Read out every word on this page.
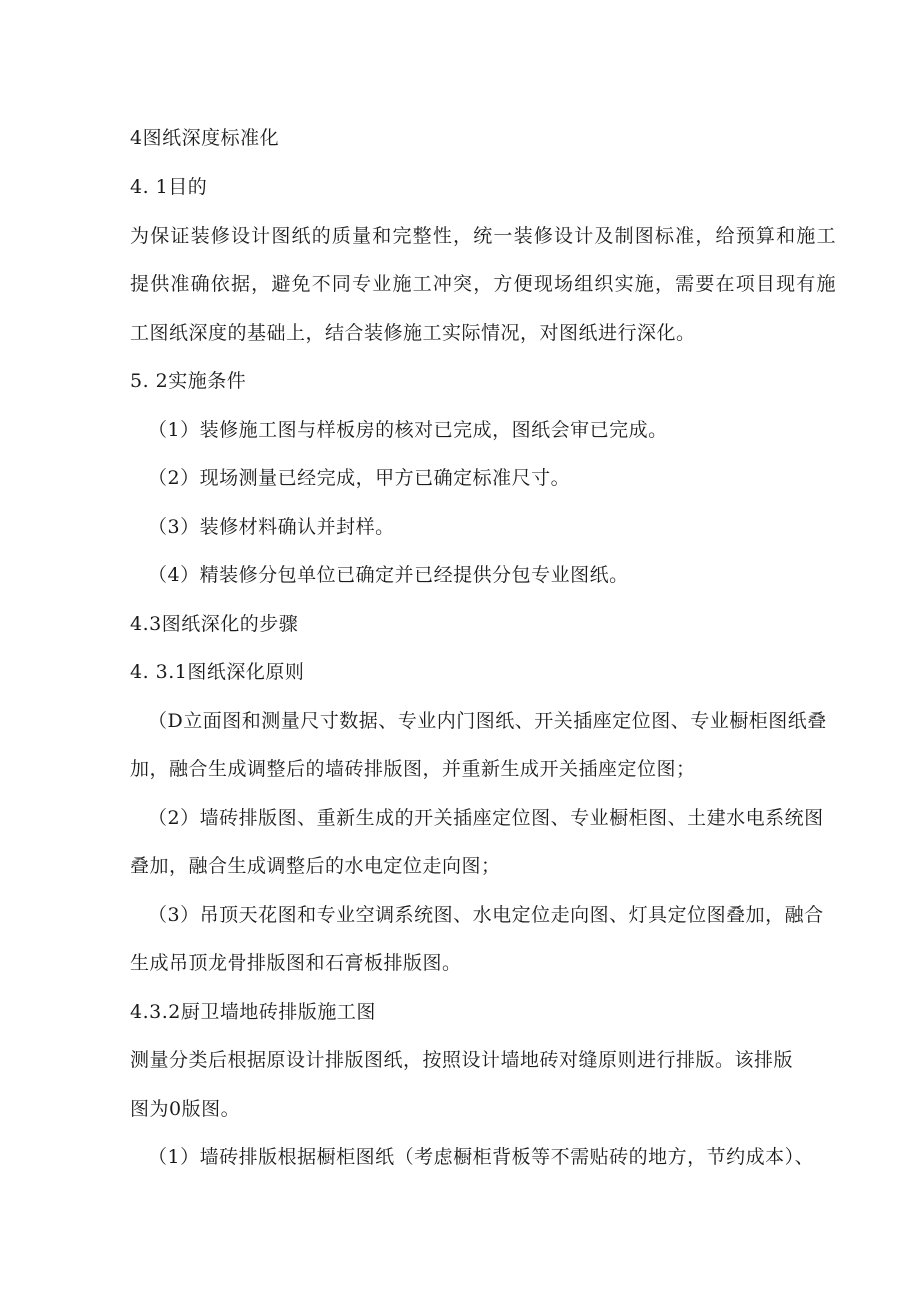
4图纸深度标准化
4. 1目的
为保证装修设计图纸的质量和完整性，统一装修设计及制图标准，给预算和施工
提供准确依据，避免不同专业施工冲突，方便现场组织实施，需要在项目现有施
工图纸深度的基础上，结合装修施工实际情况，对图纸进行深化。
5. 2实施条件
（1）装修施工图与样板房的核对已完成，图纸会审已完成。
（2）现场测量已经完成，甲方已确定标准尺寸。
（3）装修材料确认并封样。
（4）精装修分包单位已确定并已经提供分包专业图纸。
4.3图纸深化的步骤
4. 3.1图纸深化原则
（D立面图和测量尺寸数据、专业内门图纸、开关插座定位图、专业橱柜图纸叠
加，融合生成调整后的墙砖排版图，并重新生成开关插座定位图；
（2）墙砖排版图、重新生成的开关插座定位图、专业橱柜图、土建水电系统图
叠加，融合生成调整后的水电定位走向图；
（3）吊顶天花图和专业空调系统图、水电定位走向图、灯具定位图叠加，融合
生成吊顶龙骨排版图和石膏板排版图。
4.3.2厨卫墙地砖排版施工图
测量分类后根据原设计排版图纸，按照设计墙地砖对缝原则进行排版。该排版
图为0版图。
（1）墙砖排版根据橱柜图纸（考虑橱柜背板等不需贴砖的地方，节约成本）、
